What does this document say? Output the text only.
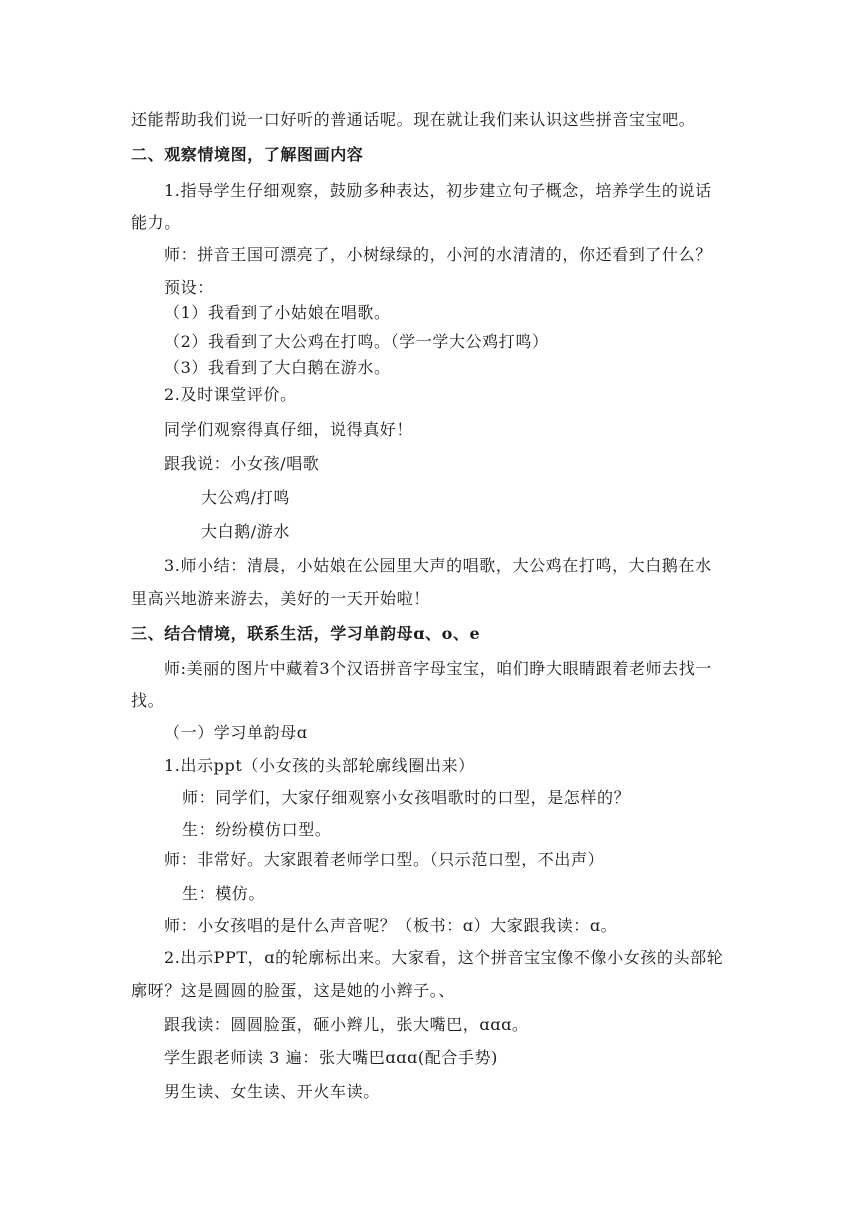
还能帮助我们说一口好听的普通话呢。现在就让我们来认识这些拼音宝宝吧。
二、观察情境图，了解图画内容
1.指导学生仔细观察，鼓励多种表达，初步建立句子概念，培养学生的说话
能力。
师：拼音王国可漂亮了，小树绿绿的，小河的水清清的，你还看到了什么？
预设：
（1）我看到了小姑娘在唱歌。
（2）我看到了大公鸡在打鸣。（学一学大公鸡打鸣）
（3）我看到了大白鹅在游水。
2.及时课堂评价。
同学们观察得真仔细，说得真好！
跟我说：小女孩/唱歌
大公鸡/打鸣
大白鹅/游水
3.师小结：清晨，小姑娘在公园里大声的唱歌，大公鸡在打鸣，大白鹅在水
里高兴地游来游去，美好的一天开始啦！
三、结合情境，联系生活，学习单韵母ɑ、o、e
师:美丽的图片中藏着3个汉语拼音字母宝宝，咱们睁大眼睛跟着老师去找一
找。
（一）学习单韵母ɑ
1.出示ppt（小女孩的头部轮廓线圈出来）
师：同学们，大家仔细观察小女孩唱歌时的口型，是怎样的？
生：纷纷模仿口型。
师：非常好。大家跟着老师学口型。（只示范口型，不出声）
生：模仿。
师：小女孩唱的是什么声音呢？（板书：ɑ）大家跟我读：ɑ。
2.出示PPT，ɑ的轮廓标出来。大家看，这个拼音宝宝像不像小女孩的头部轮
廓呀？这是圆圆的脸蛋，这是她的小辫子。、
跟我读：圆圆脸蛋，砸小辫儿，张大嘴巴，ɑɑɑ。
学生跟老师读 3 遍：张大嘴巴ɑɑɑ(配合手势)
男生读、女生读、开火车读。
